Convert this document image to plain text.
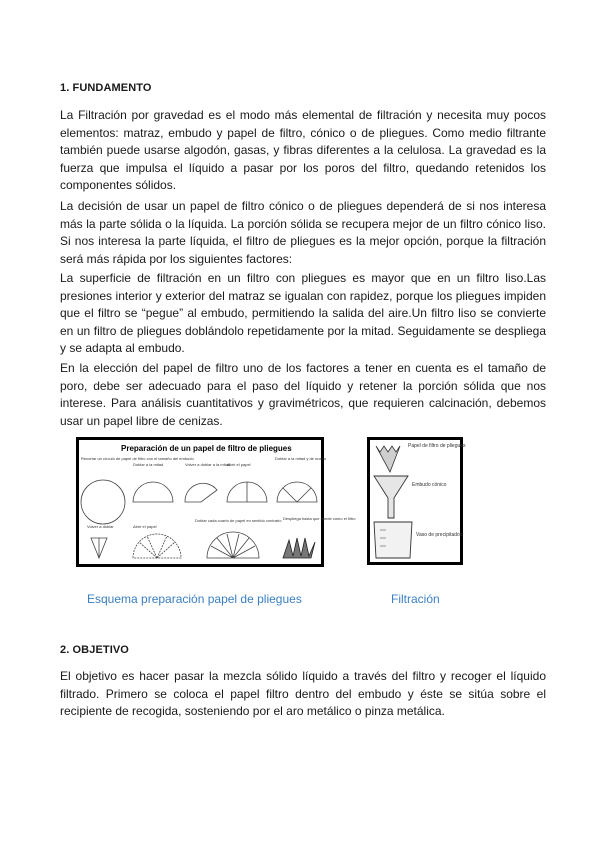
1. FUNDAMENTO

La Filtración por gravedad es el modo más elemental de filtración y necesita muy pocos elementos: matraz, embudo y papel de filtro, cónico o de pliegues. Como medio filtrante también puede usarse algodón, gasas, y fibras diferentes a la celulosa. La gravedad es la fuerza que impulsa el líquido a pasar por los poros del filtro, quedando retenidos los componentes sólidos.

La decisión de usar un papel de filtro cónico o de pliegues dependerá de si nos interesa más la parte sólida o la líquida. La porción sólida se recupera mejor de un filtro cónico liso. Si nos interesa la parte líquida, el filtro de pliegues es la mejor opción, porque la filtración será más rápida por los siguientes factores:

La superficie de filtración en un filtro con pliegues es mayor que en un filtro liso.Las presiones interior y exterior del matraz se igualan con rapidez, porque los pliegues impiden que el filtro se “pegue” al embudo, permitiendo la salida del aire.Un filtro liso se convierte en un filtro de pliegues doblándolo repetidamente por la mitad. Seguidamente se despliega y se adapta al embudo.

En la elección del papel de filtro uno de los factores a tener en cuenta es el tamaño de poro, debe ser adecuado para el paso del líquido y retener la porción sólida que nos interese. Para análisis cuantitativos y gravimétricos, que requieren calcinación, debemos usar un papel libre de cenizas.

Preparación de un papel de filtro de pliegues
Recortar un círculo de papel de filtro con el tamaño del embudo
Doblar a la mitad	Volver a doblar a la mitad
Abrir el papel
Doblar a la mitad y de nuevo
Volver a doblar	Abrir el papel
Doblar cada cuarto de papel en sentido contrario Despliega hasta que quede como el filtro
Papel de filtro de pliegues
Embudo cónico
Vaso de precipitados
Esquema preparación papel de pliegues	Filtración
2. OBJETIVO

El objetivo es hacer pasar la mezcla sólido líquido a través del filtro y recoger el líquido filtrado. Primero se coloca el papel filtro dentro del embudo y éste se sitúa sobre el recipiente de recogida, sosteniendo por el aro metálico o pinza metálica.
